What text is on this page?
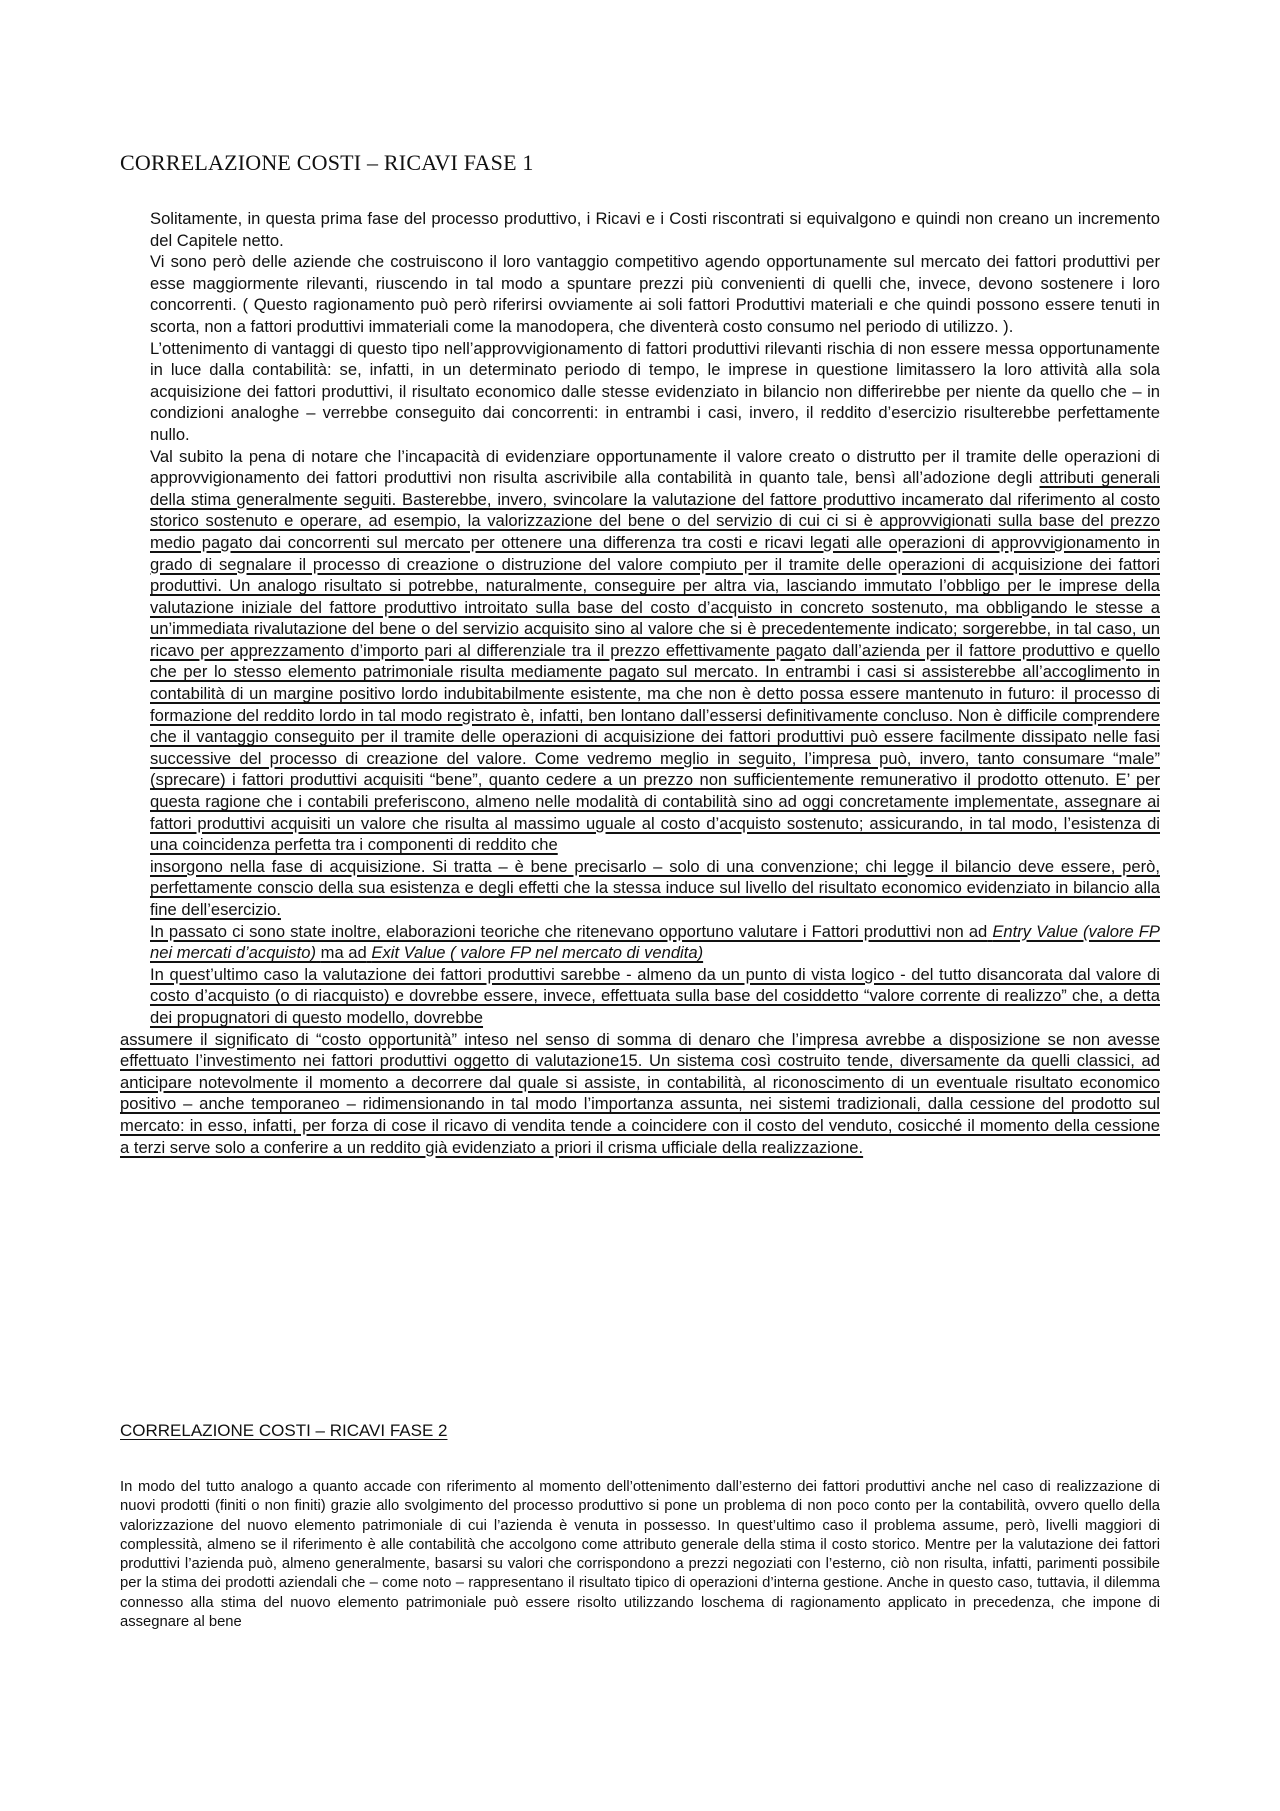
CORRELAZIONE COSTI – RICAVI FASE 1

Solitamente, in questa prima fase del processo produttivo, i Ricavi e i Costi riscontrati si equivalgono e quindi non creano un incremento del Capitele netto.

Vi sono però delle aziende che costruiscono il loro vantaggio competitivo agendo opportunamente sul mercato dei fattori produttivi per esse maggiormente rilevanti, riuscendo in tal modo a spuntare prezzi più convenienti di quelli che, invece, devono sostenere i loro concorrenti. ( Questo ragionamento può però riferirsi ovviamente ai soli fattori Produttivi materiali e che quindi possono essere tenuti in scorta, non a fattori produttivi immateriali come la manodopera, che diventerà costo consumo nel periodo di utilizzo. ).

L’ottenimento di vantaggi di questo tipo nell’approvvigionamento di fattori produttivi rilevanti rischia di non essere messa opportunamente in luce dalla contabilità: se, infatti, in un determinato periodo di tempo, le imprese in questione limitassero la loro attività alla sola acquisizione dei fattori produttivi, il risultato economico dalle stesse evidenziato in bilancio non differirebbe per niente da quello che – in condizioni analoghe – verrebbe conseguito dai concorrenti: in entrambi i casi, invero, il reddito d’esercizio risulterebbe perfettamente nullo.

Val subito la pena di notare che l’incapacità di evidenziare opportunamente il valore creato o distrutto per il tramite delle operazioni di approvvigionamento dei fattori produttivi non risulta ascrivibile alla contabilità in quanto tale, bensì all’adozione degli attributi generali della stima generalmente seguiti. Basterebbe, invero, svincolare la valutazione del fattore produttivo incamerato dal riferimento al costo storico sostenuto e operare, ad esempio, la valorizzazione del bene o del servizio di cui ci si è approvvigionati sulla base del prezzo medio pagato dai concorrenti sul mercato per ottenere una differenza tra costi e ricavi legati alle operazioni di approvvigionamento in grado di segnalare il processo di creazione o distruzione del valore compiuto per il tramite delle operazioni di acquisizione dei fattori produttivi. Un analogo risultato si potrebbe, naturalmente, conseguire per altra via, lasciando immutato l’obbligo per le imprese della valutazione iniziale del fattore produttivo introitato sulla base del costo d’acquisto in concreto sostenuto, ma obbligando le stesse a un’immediata rivalutazione del bene o del servizio acquisito sino al valore che si è precedentemente indicato; sorgerebbe, in tal caso, un ricavo per apprezzamento d’importo pari al differenziale tra il prezzo effettivamente pagato dall’azienda per il fattore produttivo e quello che per lo stesso elemento patrimoniale risulta mediamente pagato sul mercato. In entrambi i casi si assisterebbe all’accoglimento in contabilità di un margine positivo lordo indubitabilmente esistente, ma che non è detto possa essere mantenuto in futuro: il processo di formazione del reddito lordo in tal modo registrato è, infatti, ben lontano dall’essersi definitivamente concluso. Non è difficile comprendere che il vantaggio conseguito per il tramite delle operazioni di acquisizione dei fattori produttivi può essere facilmente dissipato nelle fasi successive del processo di creazione del valore. Come vedremo meglio in seguito, l’impresa può, invero, tanto consumare “male” (sprecare) i fattori produttivi acquisiti “bene”, quanto cedere a un prezzo non sufficientemente remunerativo il prodotto ottenuto. E’ per questa ragione che i contabili preferiscono, almeno nelle modalità di contabilità sino ad oggi concretamente implementate, assegnare ai fattori produttivi acquisiti un valore che risulta al massimo uguale al costo d’acquisto sostenuto; assicurando, in tal modo, l’esistenza di una coincidenza perfetta tra i componenti di reddito che

insorgono nella fase di acquisizione. Si tratta – è bene precisarlo – solo di una convenzione; chi legge il bilancio deve essere, però, perfettamente conscio della sua esistenza e degli effetti che la stessa induce sul livello del risultato economico evidenziato in bilancio alla fine dell’esercizio.

In passato ci sono state inoltre, elaborazioni teoriche che ritenevano opportuno valutare i Fattori produttivi non ad Entry Value (valore FP nei mercati d’acquisto) ma ad Exit Value ( valore FP nel mercato di vendita)

In quest’ultimo caso la valutazione dei fattori produttivi sarebbe - almeno da un punto di vista logico - del tutto disancorata dal valore di costo d’acquisto (o di riacquisto) e dovrebbe essere, invece, effettuata sulla base del cosiddetto “valore corrente di realizzo” che, a detta dei propugnatori di questo modello, dovrebbe

assumere il significato di “costo opportunità” inteso nel senso di somma di denaro che l’impresa avrebbe a disposizione se non avesse effettuato l’investimento nei fattori produttivi oggetto di valutazione15. Un sistema così costruito tende, diversamente da quelli classici, ad anticipare notevolmente il momento a decorrere dal quale si assiste, in contabilità, al riconoscimento di un eventuale risultato economico positivo – anche temporaneo – ridimensionando in tal modo l’importanza assunta, nei sistemi tradizionali, dalla cessione del prodotto sul mercato: in esso, infatti, per forza di cose il ricavo di vendita tende a coincidere con il costo del venduto, cosicché il momento della cessione a terzi serve solo a conferire a un reddito già evidenziato a priori il crisma ufficiale della realizzazione.

CORRELAZIONE COSTI – RICAVI FASE 2

In modo del tutto analogo a quanto accade con riferimento al momento dell’ottenimento dall’esterno dei fattori produttivi anche nel caso di realizzazione di nuovi prodotti (finiti o non finiti) grazie allo svolgimento del processo produttivo si pone un problema di non poco conto per la contabilità, ovvero quello della valorizzazione del nuovo elemento patrimoniale di cui l’azienda è venuta in possesso. In quest’ultimo caso il problema assume, però, livelli maggiori di complessità, almeno se il riferimento è alle contabilità che accolgono come attributo generale della stima il costo storico. Mentre per la valutazione dei fattori produttivi l’azienda può, almeno generalmente, basarsi su valori che corrispondono a prezzi negoziati con l’esterno, ciò non risulta, infatti, parimenti possibile per la stima dei prodotti aziendali che – come noto – rappresentano il risultato tipico di operazioni d’interna gestione. Anche in questo caso, tuttavia, il dilemma connesso alla stima del nuovo elemento patrimoniale può essere risolto utilizzando loschema di ragionamento applicato in precedenza, che impone di assegnare al bene
